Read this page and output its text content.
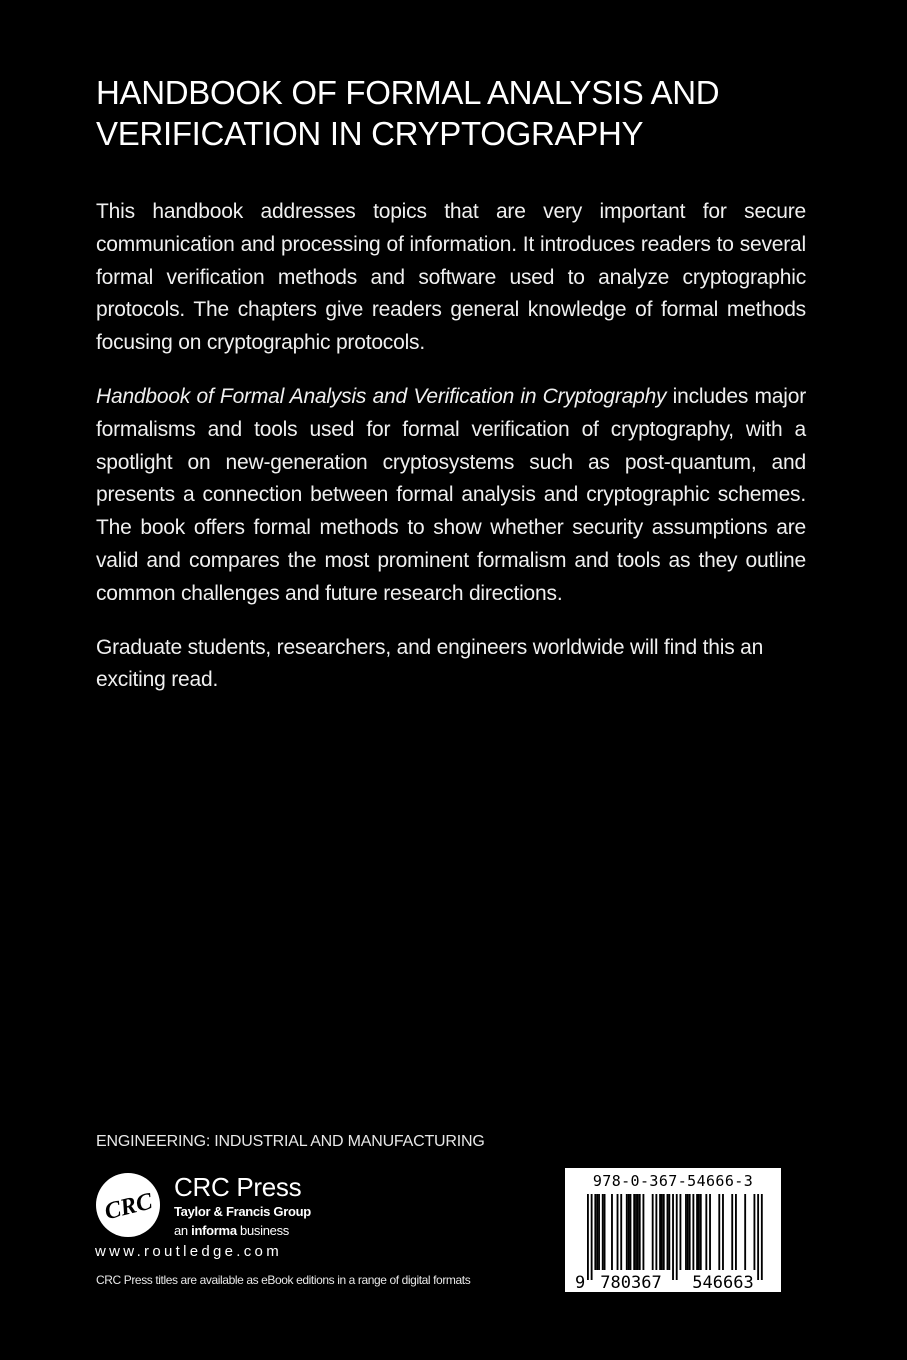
HANDBOOK OF FORMAL ANALYSIS AND
VERIFICATION IN CRYPTOGRAPHY

This handbook addresses topics that are very important for secure communication and processing of information. It introduces readers to several formal verification methods and software used to analyze cryptographic protocols. The chapters give readers general knowledge of formal methods focusing on cryptographic protocols.

Handbook of Formal Analysis and Verification in Cryptography includes major formalisms and tools used for formal verification of cryptography, with a spotlight on new-generation cryptosystems such as post-quantum, and presents a connection between formal analysis and cryptographic schemes. The book offers formal methods to show whether security assumptions are valid and compares the most prominent formalism and tools as they outline common challenges and future research directions.

Graduate students, researchers, and engineers worldwide will find this an exciting read.

ENGINEERING: INDUSTRIAL AND MANUFACTURING
CRC
CRC Press
Taylor & Francis Group
an informa business
www.routledge.com
CRC Press titles are available as eBook editions in a range of digital formats
978-0-367-54666-3
9 780367 546663
